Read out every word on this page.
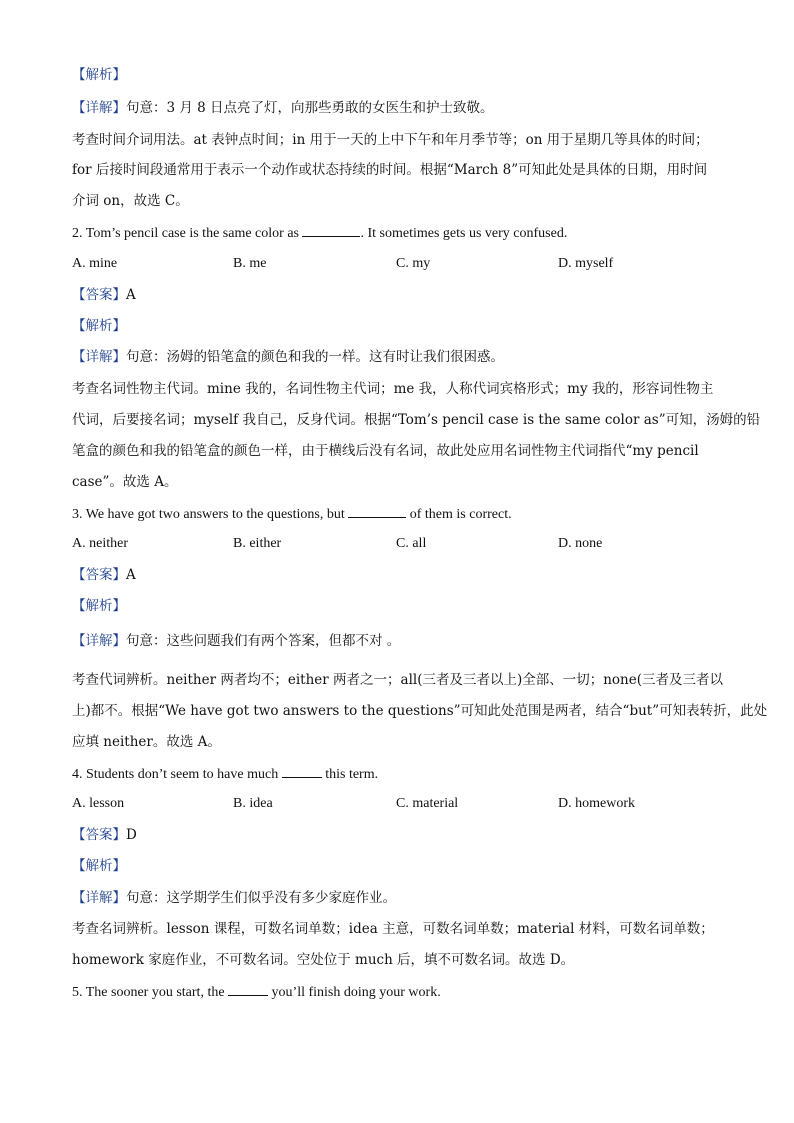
【解析】
【详解】句意：3 月 8 日点亮了灯，向那些勇敢的女医生和护士致敬。
考查时间介词用法。at 表钟点时间；in 用于一天的上中下午和年月季节等；on 用于星期几等具体的时间；
for 后接时间段通常用于表示一个动作或状态持续的时间。根据“March 8”可知此处是具体的日期，用时间
介词 on，故选 C。
2. Tom’s pencil case is the same color as	. It sometimes gets us very confused.
A. mine	B. me	C. my	D. myself
【答案】A
【解析】
【详解】句意：汤姆的铅笔盒的颜色和我的一样。这有时让我们很困惑。
考查名词性物主代词。mine 我的，名词性物主代词；me 我，人称代词宾格形式；my 我的，形容词性物主
代词，后要接名词；myself 我自己，反身代词。根据“Tom’s pencil case is the same color as”可知，汤姆的铅
笔盒的颜色和我的铅笔盒的颜色一样，由于横线后没有名词，故此处应用名词性物主代词指代“my pencil
case”。故选 A。
3. We have got two answers to the questions, but	of them is correct.
A. neither	B. either	C. all	D. none
【答案】A
【解析】
【详解】句意：这些问题我们有两个答案，但都不对 。
考查代词辨析。neither 两者均不；either 两者之一；all(三者及三者以上)全部、一切；none(三者及三者以
上)都不。根据“We have got two answers to the questions”可知此处范围是两者，结合“but”可知表转折，此处
应填 neither。故选 A。
4. Students don’t seem to have much	this term.
A. lesson	B. idea	C. material	D. homework
【答案】D
【解析】
【详解】句意：这学期学生们似乎没有多少家庭作业。
考查名词辨析。lesson 课程，可数名词单数；idea 主意，可数名词单数；material 材料，可数名词单数；
homework 家庭作业，不可数名词。空处位于 much 后，填不可数名词。故选 D。
5. The sooner you start, the	you’ll finish doing your work.
